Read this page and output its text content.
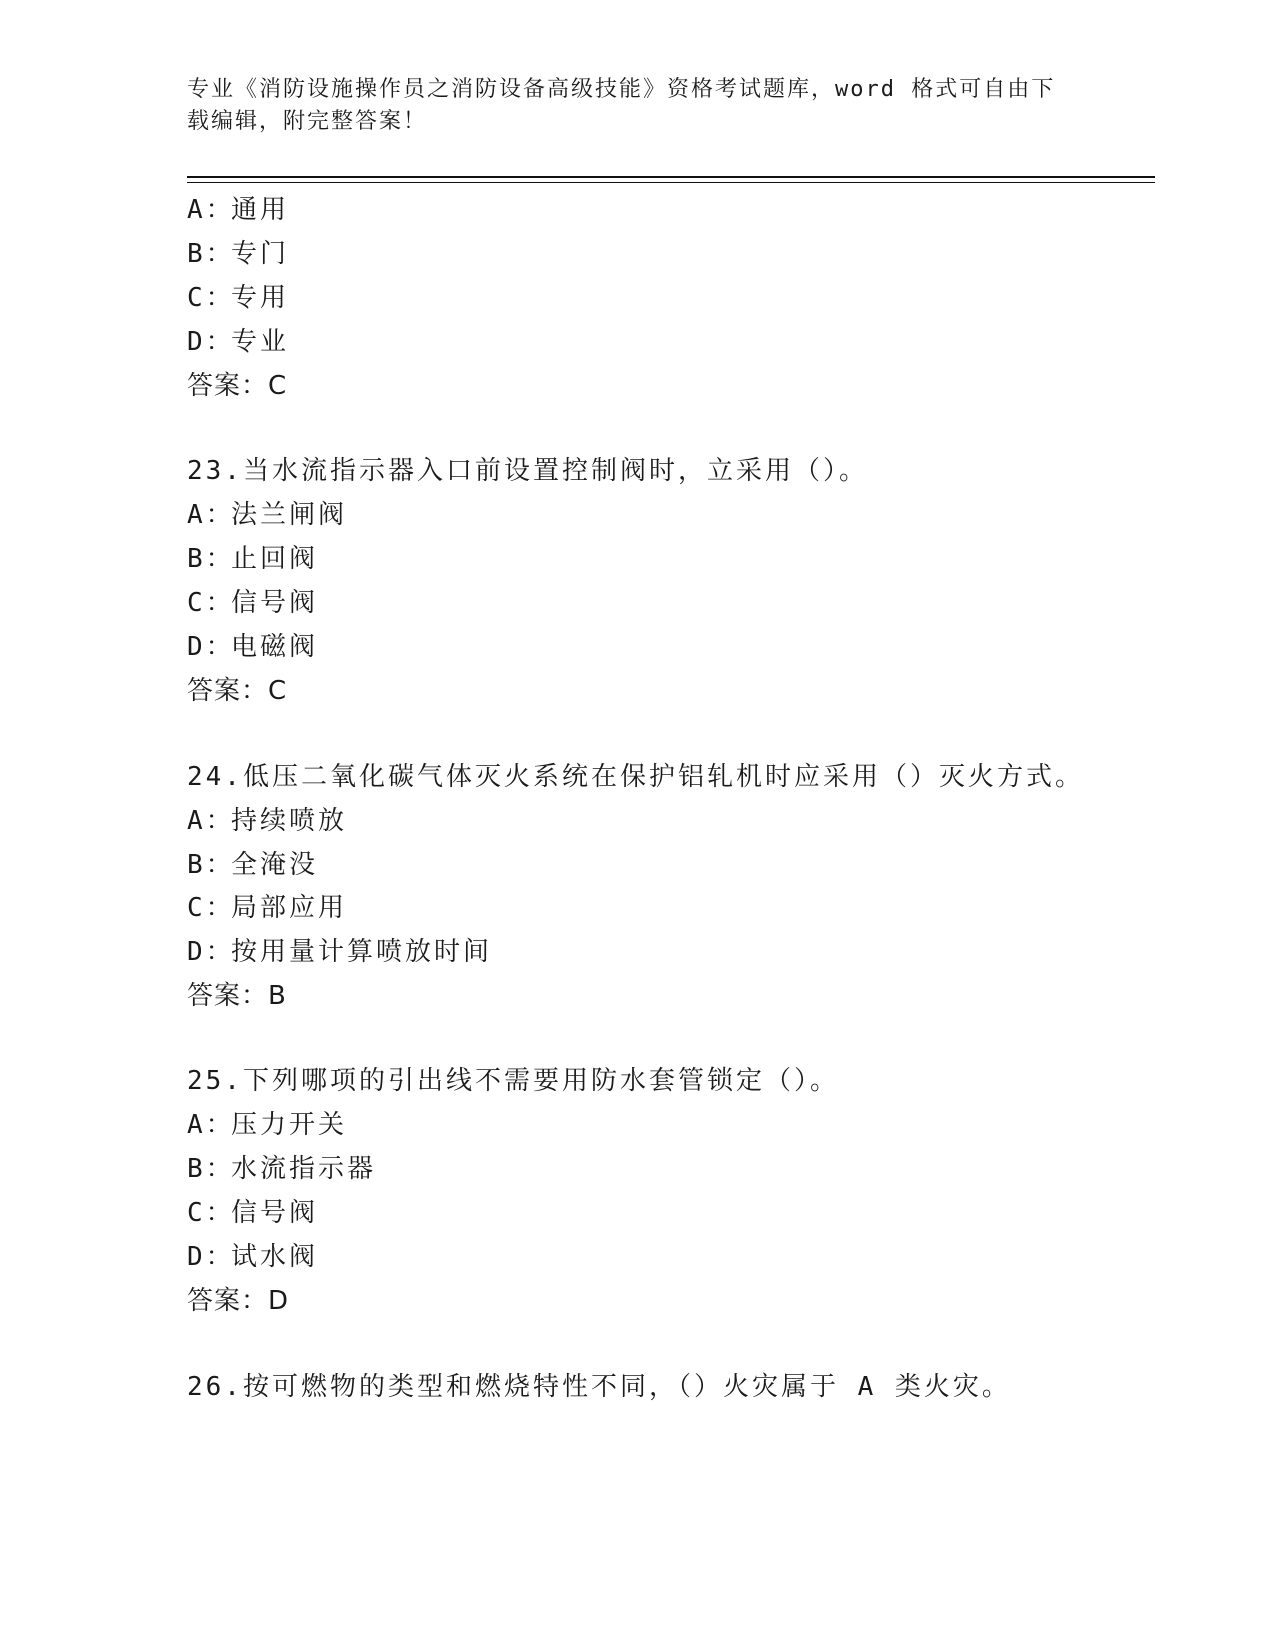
专业《消防设施操作员之消防设备高级技能》资格考试题库，word 格式可自由下
载编辑，附完整答案！
A：通用
B：专门
C：专用
D：专业
答案：C
23.当水流指示器入口前设置控制阀时，立采用（）。
A：法兰闸阀
B：止回阀
C：信号阀
D：电磁阀
答案：C
24.低压二氧化碳气体灭火系统在保护铝轧机时应采用（）灭火方式。
A：持续喷放
B：全淹没
C：局部应用
D：按用量计算喷放时间
答案：B
25.下列哪项的引出线不需要用防水套管锁定（）。
A：压力开关
B：水流指示器
C：信号阀
D：试水阀
答案：D
26.按可燃物的类型和燃烧特性不同，（）火灾属于 A 类火灾。
